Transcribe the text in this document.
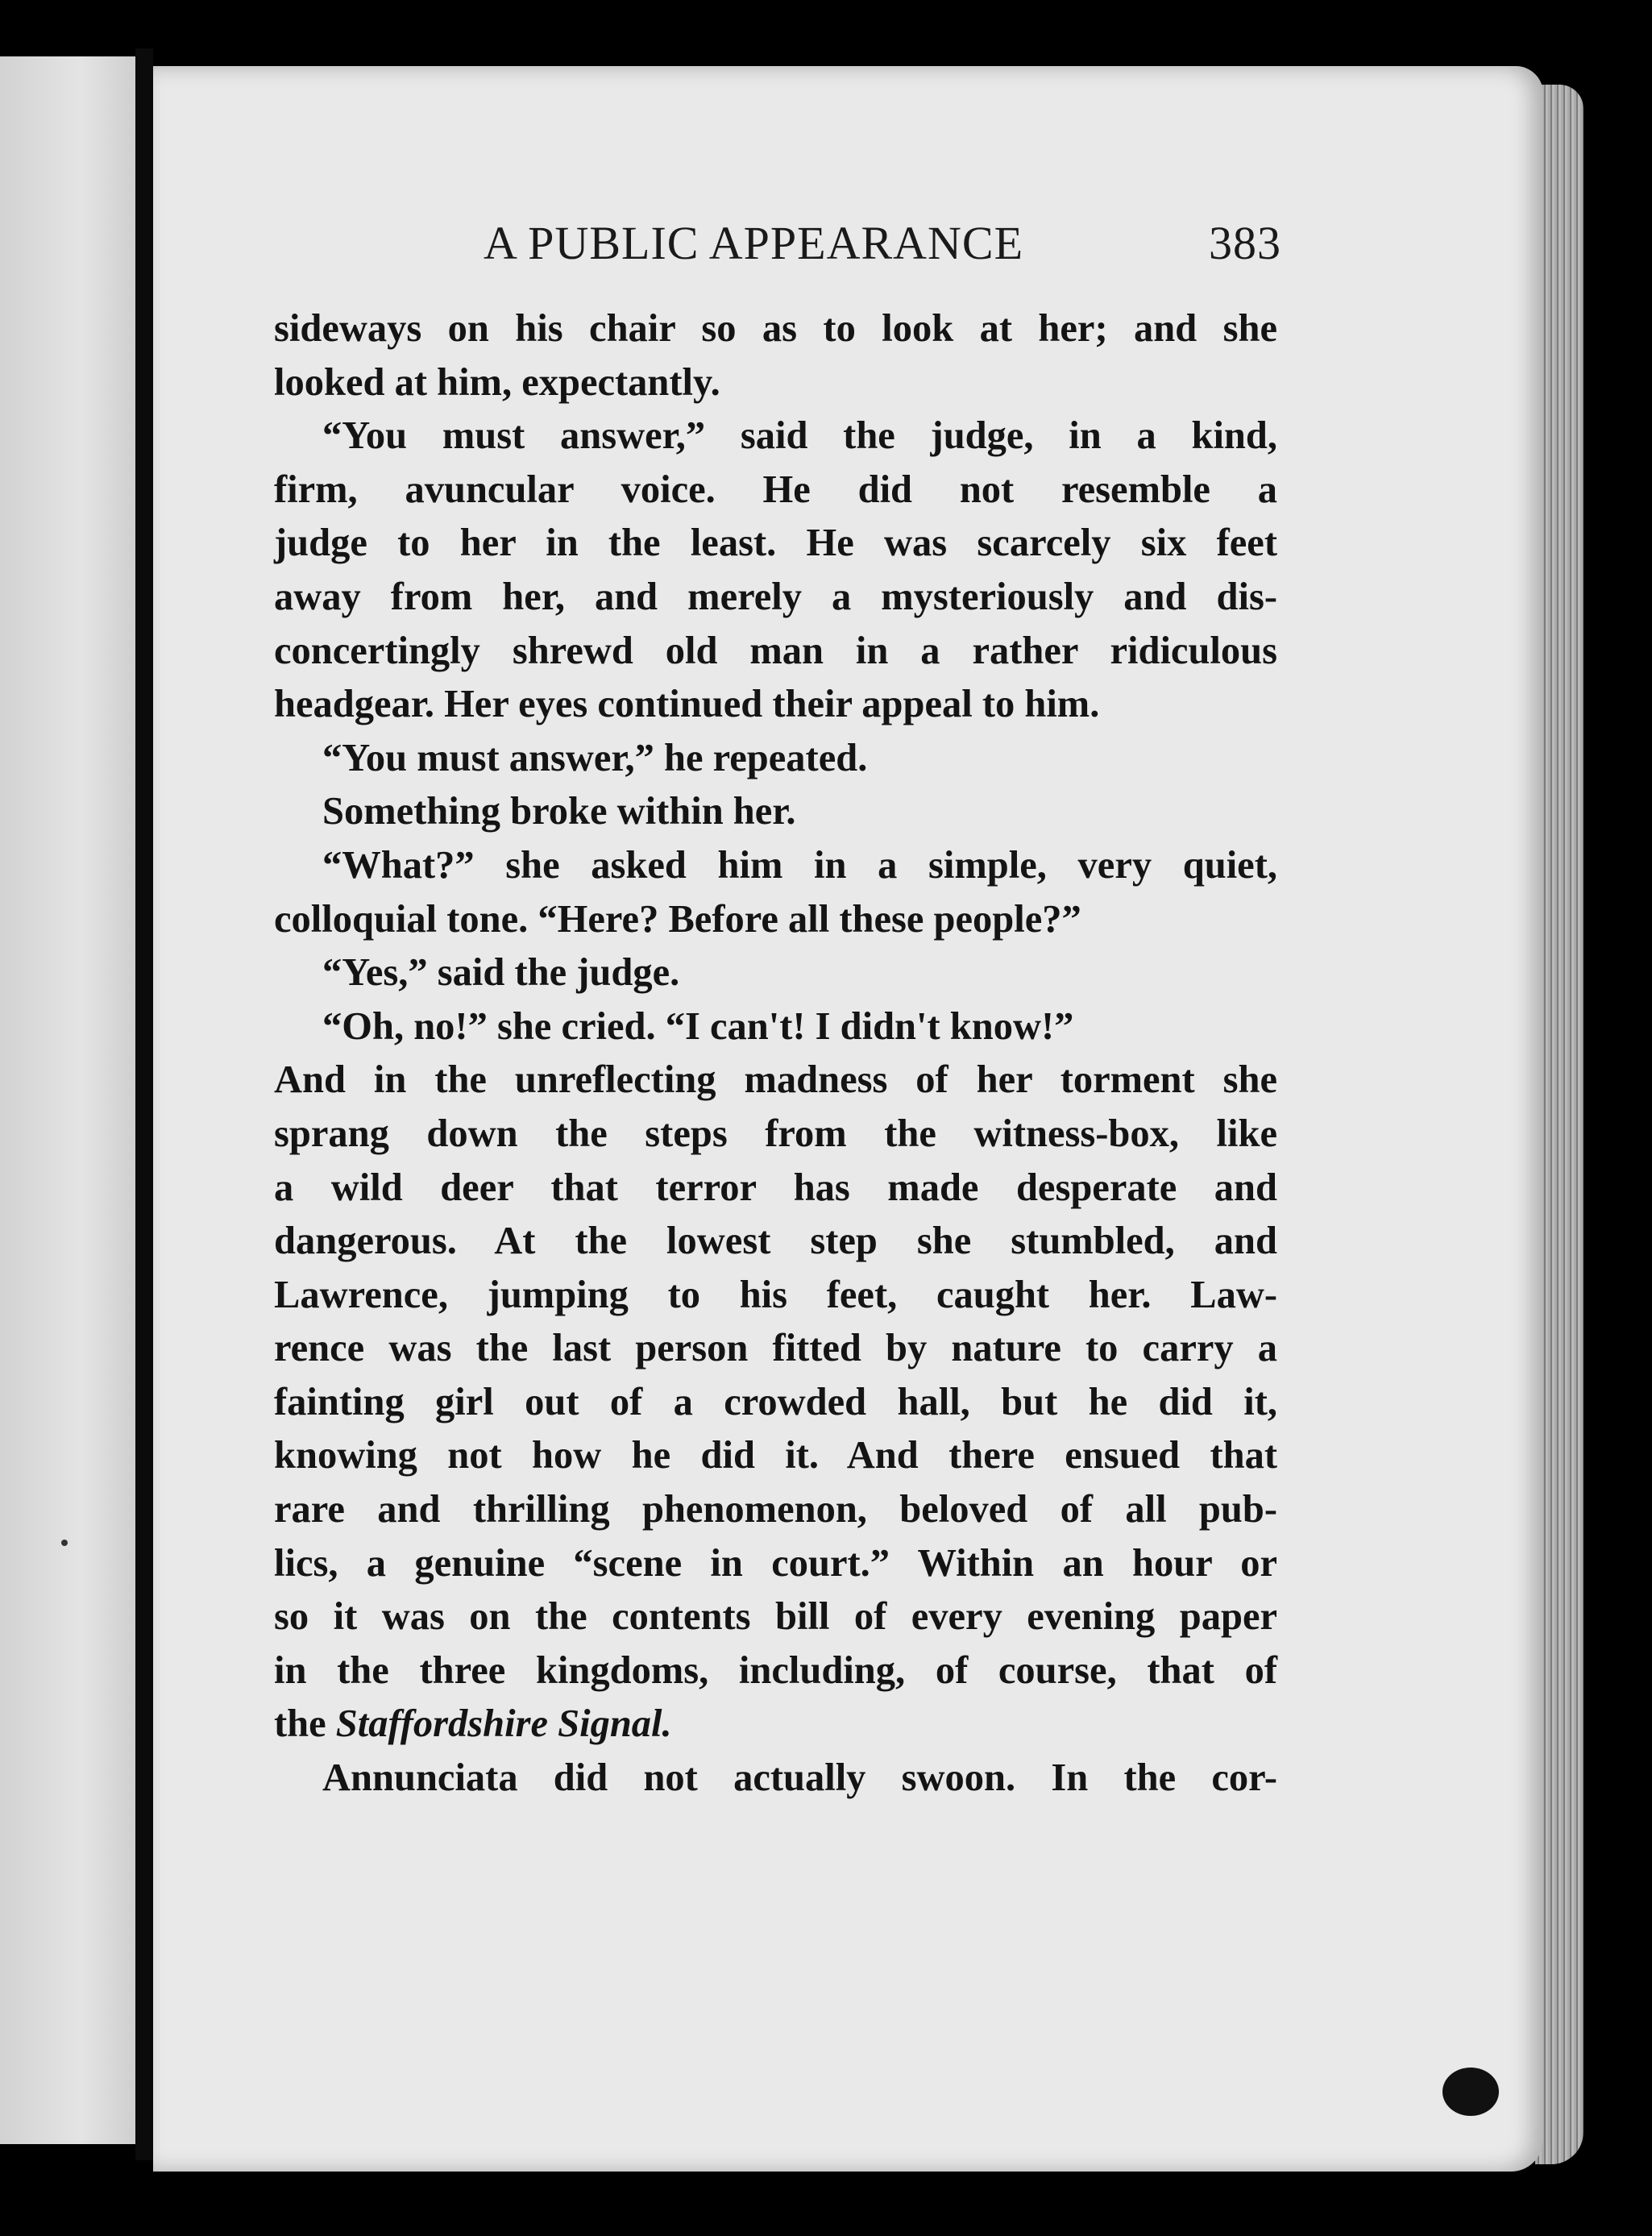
A PUBLIC APPEARANCE	383
sideways on his chair so as to look at her; and she
looked at him, expectantly.
“You must answer,” said the judge, in a kind,
firm, avuncular voice. He did not resemble a
judge to her in the least. He was scarcely six feet
away from her, and merely a mysteriously and dis-
concertingly shrewd old man in a rather ridiculous
headgear. Her eyes continued their appeal to him.
“You must answer,” he repeated.
Something broke within her.
“What?” she asked him in a simple, very quiet,
colloquial tone. “Here? Before all these people?”
“Yes,” said the judge.
“Oh, no!” she cried. “I can't! I didn't know!”
And in the unreflecting madness of her torment she
sprang down the steps from the witness-box, like
a wild deer that terror has made desperate and
dangerous. At the lowest step she stumbled, and
Lawrence, jumping to his feet, caught her. Law-
rence was the last person fitted by nature to carry a
fainting girl out of a crowded hall, but he did it,
knowing not how he did it. And there ensued that
rare and thrilling phenomenon, beloved of all pub-
lics, a genuine “scene in court.” Within an hour or
so it was on the contents bill of every evening paper
in the three kingdoms, including, of course, that of
the Staffordshire Signal.
Annunciata did not actually swoon. In the cor-
